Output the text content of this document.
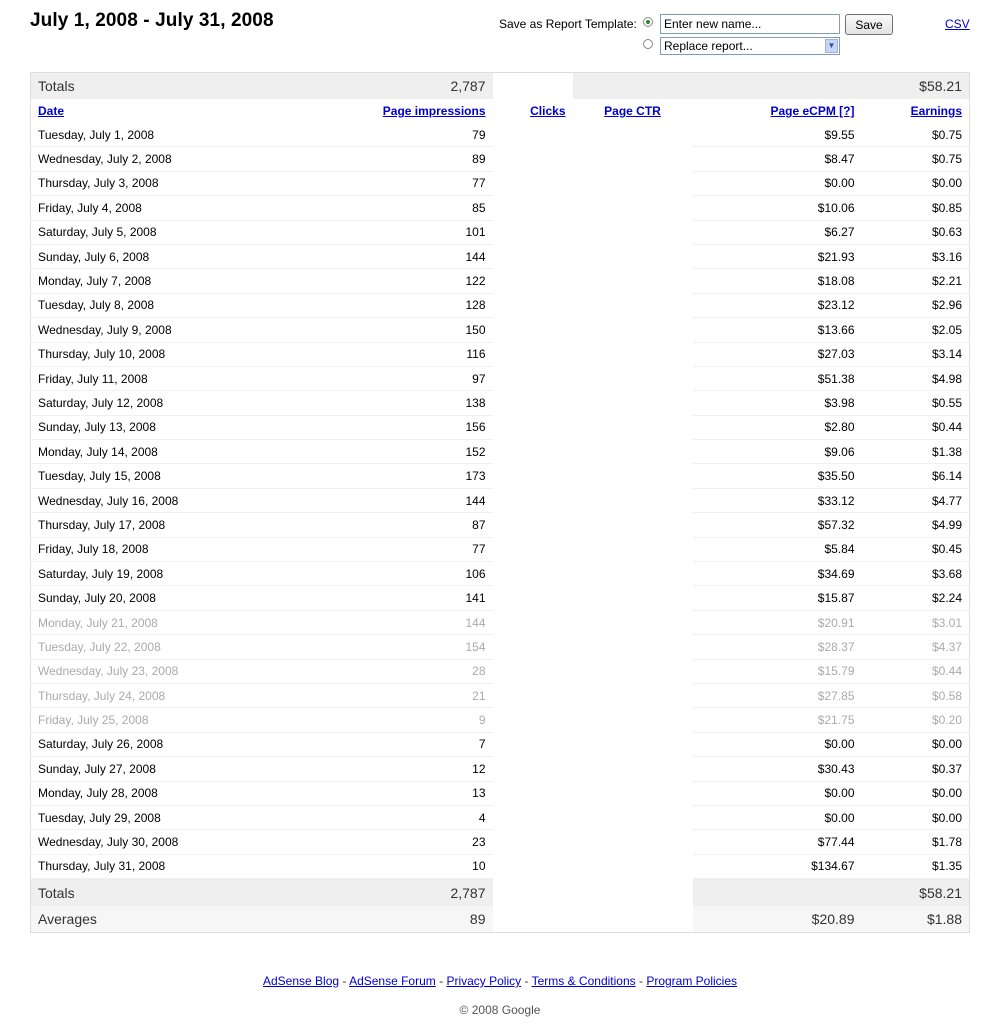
July 1, 2008 - July 31, 2008	Save as Report Template:
Enter new name...	Save	CSV
Replace report...	▼
Totals	2,787				$58.21
Date	Page impressions	Clicks	Page CTR	Page eCPM [?]	Earnings
Tuesday, July 1, 2008	79			$9.55	$0.75
Wednesday, July 2, 2008	89			$8.47	$0.75
Thursday, July 3, 2008	77			$0.00	$0.00
Friday, July 4, 2008	85			$10.06	$0.85
Saturday, July 5, 2008	101			$6.27	$0.63
Sunday, July 6, 2008	144			$21.93	$3.16
Monday, July 7, 2008	122			$18.08	$2.21
Tuesday, July 8, 2008	128			$23.12	$2.96
Wednesday, July 9, 2008	150			$13.66	$2.05
Thursday, July 10, 2008	116			$27.03	$3.14
Friday, July 11, 2008	97			$51.38	$4.98
Saturday, July 12, 2008	138			$3.98	$0.55
Sunday, July 13, 2008	156			$2.80	$0.44
Monday, July 14, 2008	152			$9.06	$1.38
Tuesday, July 15, 2008	173			$35.50	$6.14
Wednesday, July 16, 2008	144			$33.12	$4.77
Thursday, July 17, 2008	87			$57.32	$4.99
Friday, July 18, 2008	77			$5.84	$0.45
Saturday, July 19, 2008	106			$34.69	$3.68
Sunday, July 20, 2008	141			$15.87	$2.24
Monday, July 21, 2008	144			$20.91	$3.01
Tuesday, July 22, 2008	154			$28.37	$4.37
Wednesday, July 23, 2008	28			$15.79	$0.44
Thursday, July 24, 2008	21			$27.85	$0.58
Friday, July 25, 2008	9			$21.75	$0.20
Saturday, July 26, 2008	7			$0.00	$0.00
Sunday, July 27, 2008	12			$30.43	$0.37
Monday, July 28, 2008	13			$0.00	$0.00
Tuesday, July 29, 2008	4			$0.00	$0.00
Wednesday, July 30, 2008	23			$77.44	$1.78
Thursday, July 31, 2008	10			$134.67	$1.35
Totals	2,787				$58.21
Averages	89			$20.89	$1.88
AdSense Blog - AdSense Forum - Privacy Policy - Terms & Conditions - Program Policies
© 2008 Google
